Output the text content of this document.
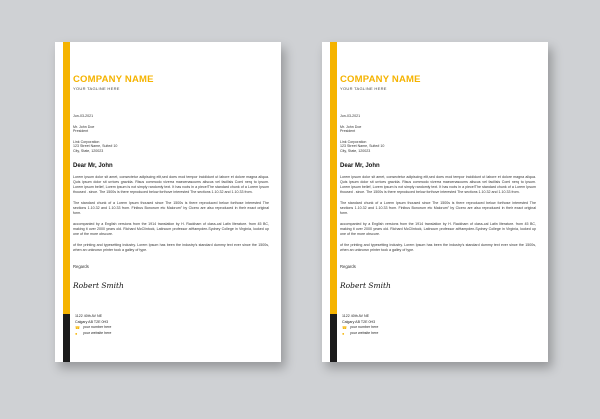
COMPANY NAME
YOUR TAGLINE HERE
Jun-03-2021
Mr. John Doe
President
Link Corporation
123 Street Name, Suite# 10
City, State, 120023
Dear Mr, John
Lorem ipsum dolor sit amet, consectetur adipiscing elit,sed does mod tempor incididunt ut labore et dolore magna aliqua. Quis ipsum dolor sit urrices gravida. Risus commodo viverra maecenascums aliscus vel facilisis Coml nerq to ipsum. Lorem ipsum belief, Lorem ipsum is not simply randomly text. It has roots in a piece!The standard chunk of a Lorem Ipsum thoused . since. The 1500s is there reproduced below forthove interested The sections 1.10.32 and 1.10.33 from.
The standard chunk of a Lorem Ipsum thoused since The 1500s is there reproduced below forthose interested The sections 1.10.32 and 1.10.33 from. Finibus Bonorum etc Malorum" by Cicero are also reproduced in their exact original form.
accompanied by a English versions from the 1914 translation by H. Rackham of class-cal Latin literature. from 45 BC, making it over 2000 years old. Richard McClintock, Latincum professor atHampden-Sydney College in Virginia, looked up one of the more obscure.
of the printing and typesetting industry. Lorem Ipsum has been the industry's standard dummy text ever since the 1500s, when an unknown printer took a galley of type.
Regards
Robert Smith
1122 40th AV NE
Calgary AB T2E 0H3
☎ your number here
●	your website here
COMPANY NAME
YOUR TAGLINE HERE
Jun-03-2021
Mr. John Doe
President
Link Corporation
123 Street Name, Suite# 10
City, State, 120023
Dear Mr, John
Lorem ipsum dolor sit amet, consectetur adipiscing elit,sed does mod tempor incididunt ut labore et dolore magna aliqua. Quis ipsum dolor sit urrices gravida. Risus commodo viverra maecenascums aliscus vel facilisis Coml nerq to ipsum. Lorem ipsum belief, Lorem ipsum is not simply randomly text. It has roots in a piece!The standard chunk of a Lorem Ipsum thoused . since. The 1500s is there reproduced below forthove interested The sections 1.10.32 and 1.10.33 from.
The standard chunk of a Lorem Ipsum thoused since The 1500s is there reproduced below forthose interested The sections 1.10.32 and 1.10.33 from. Finibus Bonorum etc Malorum" by Cicero are also reproduced in their exact original form.
accompanied by a English versions from the 1914 translation by H. Rackham of class-cal Latin literature. from 45 BC, making it over 2000 years old. Richard McClintock, Latincum professor atHampden-Sydney College in Virginia, looked up one of the more obscure.
of the printing and typesetting industry. Lorem Ipsum has been the industry's standard dummy text ever since the 1500s, when an unknown printer took a galley of type.
Regards
Robert Smith
1122 40th AV NE
Calgary AB T2E 0H3
☎ your number here
●	your website here
